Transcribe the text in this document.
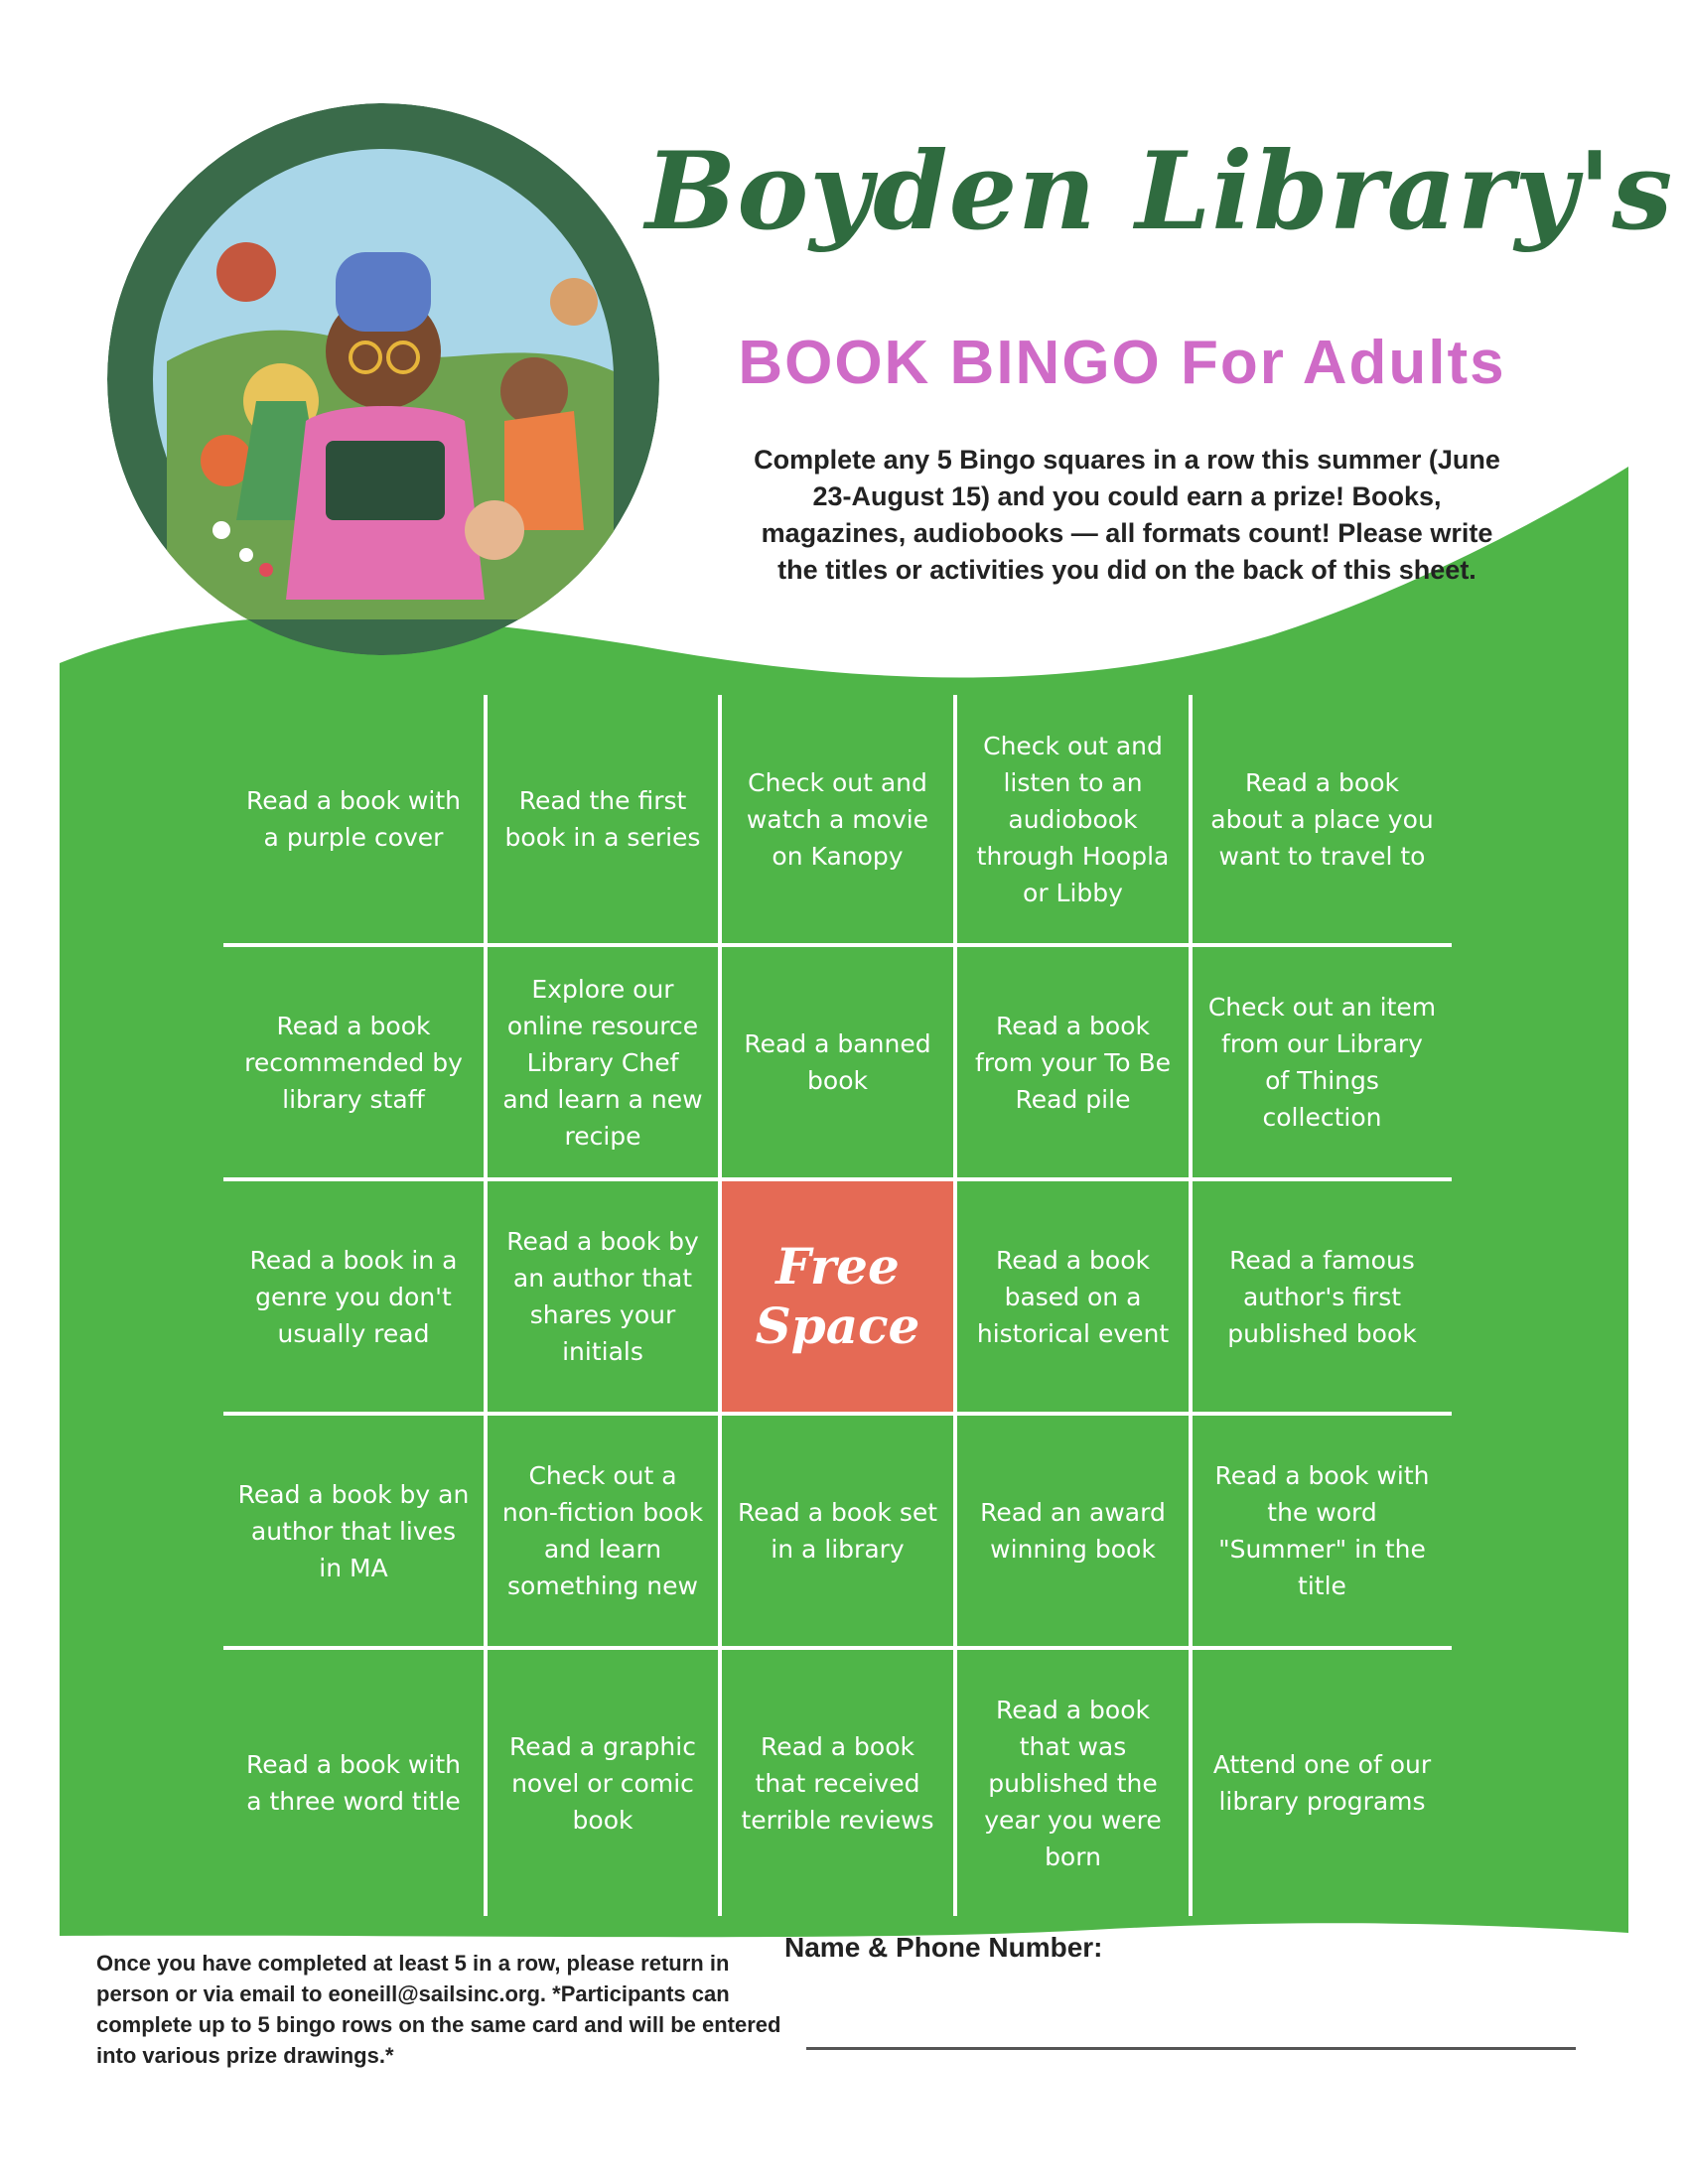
Boyden Library's
BOOK BINGO For Adults
Complete any 5 Bingo squares in a row this summer (June 23-August 15) and you could earn a prize! Books, magazines, audiobooks — all formats count! Please write the titles or activities you did on the back of this sheet.
Read a book with a purple cover
Read the first book in a series
Check out and watch a movie on Kanopy
Check out and listen to an audiobook through Hoopla or Libby
Read a book about a place you want to travel to
Read a book recommended by library staff
Explore our online resource Library Chef and learn a new recipe
Read a banned book
Read a book from your To Be Read pile
Check out an item from our Library of Things collection
Read a book in a genre you don't usually read
Read a book by an author that shares your initials
Free Space
Read a book based on a historical event
Read a famous author's first published book
Read a book by an author that lives in MA
Check out a non-fiction book and learn something new
Read a book set in a library
Read an award winning book
Read a book with the word "Summer" in the title
Read a book with a three word title
Read a graphic novel or comic book
Read a book that received terrible reviews
Read a book that was published the year you were born
Attend one of our library programs
Once you have completed at least 5 in a row, please return in person or via email to eoneill@sailsinc.org. *Participants can complete up to 5 bingo rows on the same card and will be entered into various prize drawings.*
Name & Phone Number:
